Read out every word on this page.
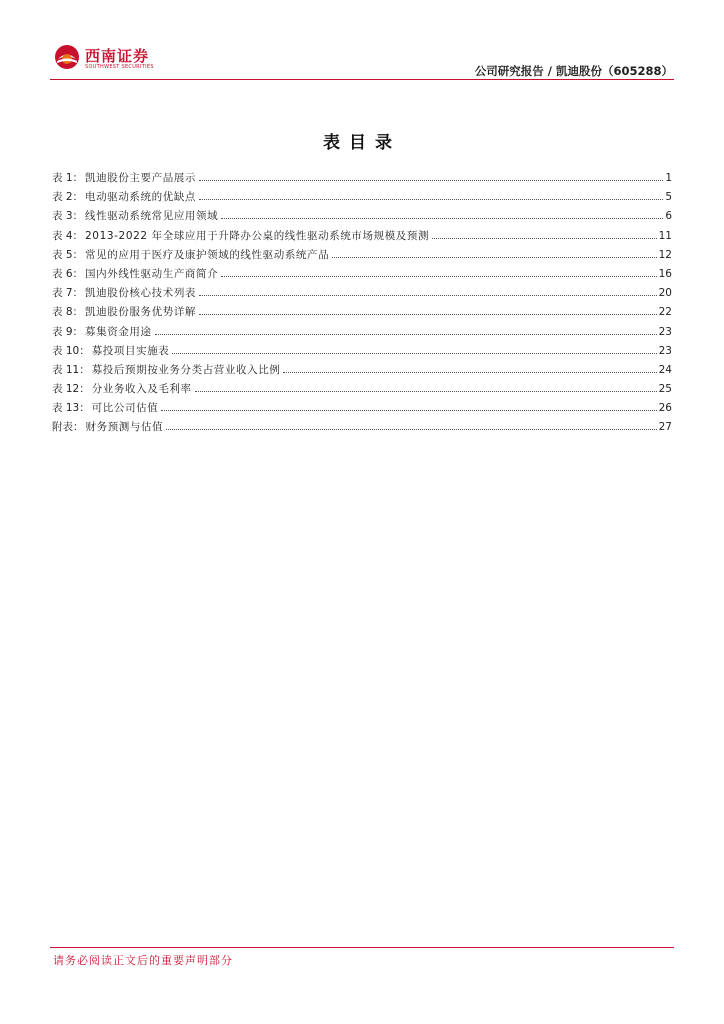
西南证券
SOUTHWEST SECURITIES	公司研究报告 / 凯迪股份（605288）
表目录
表 1 ： 凯迪股份主要产品展示	1
表 2 ： 电动驱动系统的优缺点	5
表 3 ： 线性驱动系统常见应用领域	6
表 4 ： 2013-2022 年全球应用于升降办公桌的线性驱动系统市场规模及预测	11
表 5 ： 常见的应用于医疗及康护领域的线性驱动系统产品	12
表 6 ： 国内外线性驱动生产商简介	16
表 7 ： 凯迪股份核心技术列表	20
表 8 ： 凯迪股份服务优势详解	22
表 9 ： 募集资金用途	23
表 10 ： 募投项目实施表	23
表 11 ： 募投后预期按业务分类占营业收入比例	24
表 12 ： 分业务收入及毛利率	25
表 13 ： 可比公司估值	26
附表 ： 财务预测与估值	27
请务必阅读正文后的重要声明部分
